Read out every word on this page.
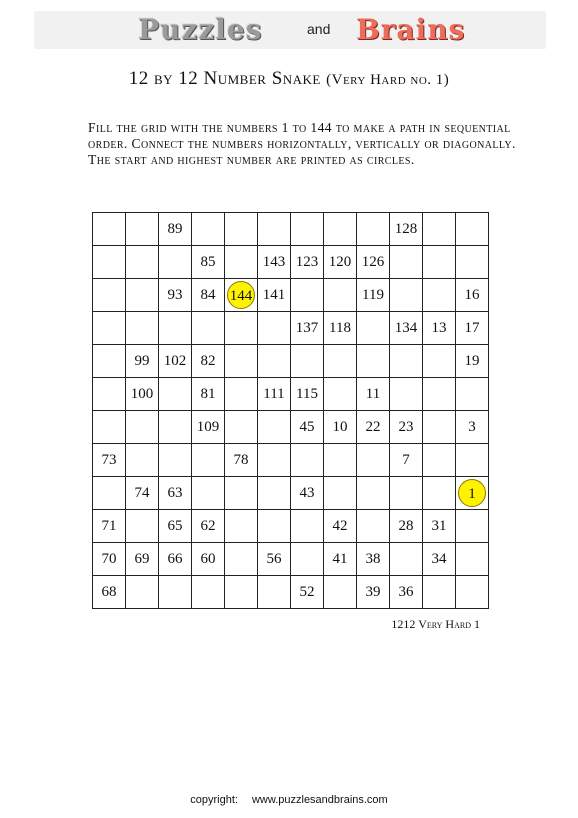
Puzzles	and Brains
12 by 12 Number Snake (Very Hard no. 1)
Fill the grid with the numbers 1 to 144 to make a path in sequential
order. Connect the numbers horizontally, vertically or diagonally.
The start and highest number are printed as circles.
		89							128		
			85		143	123	120	126			
		93	84	144	141			119			16
						137	118		134	13	17
	99	102	82								19
	100		81		111	115		11			
			109			45	10	22	23		3
73				78					7		
	74	63				43					1
71		65	62				42		28	31	
70	69	66	60		56		41	38		34	
68						52		39	36		
1212 Very Hard 1
copyright: www.puzzlesandbrains.com
